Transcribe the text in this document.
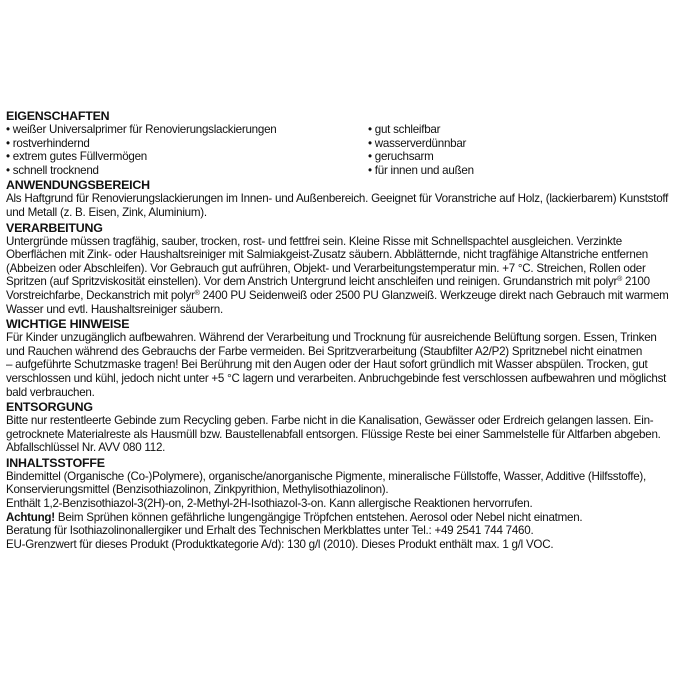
EIGENSCHAFTEN
• weißer Universalprimer für Renovierungslackierungen
• rostverhindernd
• extrem gutes Füllvermögen
• schnell trocknend
• gut schleifbar
• wasserverdünnbar
• geruchsarm
• für innen und außen
ANWENDUNGSBEREICH

Als Haftgrund für Renovierungslackierungen im Innen- und Außenbereich. Geeignet für Voranstriche auf Holz, (lackierbarem) Kunststoff
und Metall (z. B. Eisen, Zink, Aluminium).

VERARBEITUNG

Untergründe müssen tragfähig, sauber, trocken, rost- und fettfrei sein. Kleine Risse mit Schnellspachtel ausgleichen. Verzinkte
Oberflächen mit Zink- oder Haushaltsreiniger mit Salmiakgeist-Zusatz säubern. Abblätternde, nicht tragfähige Altanstriche entfernen
(Abbeizen oder Abschleifen). Vor Gebrauch gut aufrühren, Objekt- und Verarbeitungstemperatur min. +7 °C. Streichen, Rollen oder
Spritzen (auf Spritzviskosität einstellen). Vor dem Anstrich Untergrund leicht anschleifen und reinigen. Grundanstrich mit polyr® 2100
Vorstreichfarbe, Deckanstrich mit polyr® 2400 PU Seidenweiß oder 2500 PU Glanzweiß. Werkzeuge direkt nach Gebrauch mit warmem
Wasser und evtl. Haushaltsreiniger säubern.

WICHTIGE HINWEISE

Für Kinder unzugänglich aufbewahren. Während der Verarbeitung und Trocknung für ausreichende Belüftung sorgen. Essen, Trinken
und Rauchen während des Gebrauchs der Farbe vermeiden. Bei Spritzverarbeitung (Staubfilter A2/P2) Spritznebel nicht einatmen
– aufgeführte Schutzmaske tragen! Bei Berührung mit den Augen oder der Haut sofort gründlich mit Wasser abspülen. Trocken, gut
verschlossen und kühl, jedoch nicht unter +5 °C lagern und verarbeiten. Anbruchgebinde fest verschlossen aufbewahren und möglichst
bald verbrauchen.

ENTSORGUNG

Bitte nur restentleerte Gebinde zum Recycling geben. Farbe nicht in die Kanalisation, Gewässer oder Erdreich gelangen lassen. Ein-
getrocknete Materialreste als Hausmüll bzw. Baustellenabfall entsorgen. Flüssige Reste bei einer Sammelstelle für Altfarben abgeben.
Abfallschlüssel Nr. AVV 080 112.

INHALTSSTOFFE

Bindemittel (Organische (Co-)Polymere), organische/anorganische Pigmente, mineralische Füllstoffe, Wasser, Additive (Hilfsstoffe),
Konservierungsmittel (Benzisothiazolinon, Zinkpyrithion, Methylisothiazolinon).
Enthält 1,2-Benzisothiazol-3(2H)-on, 2-Methyl-2H-Isothiazol-3-on. Kann allergische Reaktionen hervorrufen.
Achtung! Beim Sprühen können gefährliche lungengängige Tröpfchen entstehen. Aerosol oder Nebel nicht einatmen.
Beratung für Isothiazolinonallergiker und Erhalt des Technischen Merkblattes unter Tel.: +49 2541 744 7460.
EU-Grenzwert für dieses Produkt (Produktkategorie A/d): 130 g/l (2010). Dieses Produkt enthält max. 1 g/l VOC.
